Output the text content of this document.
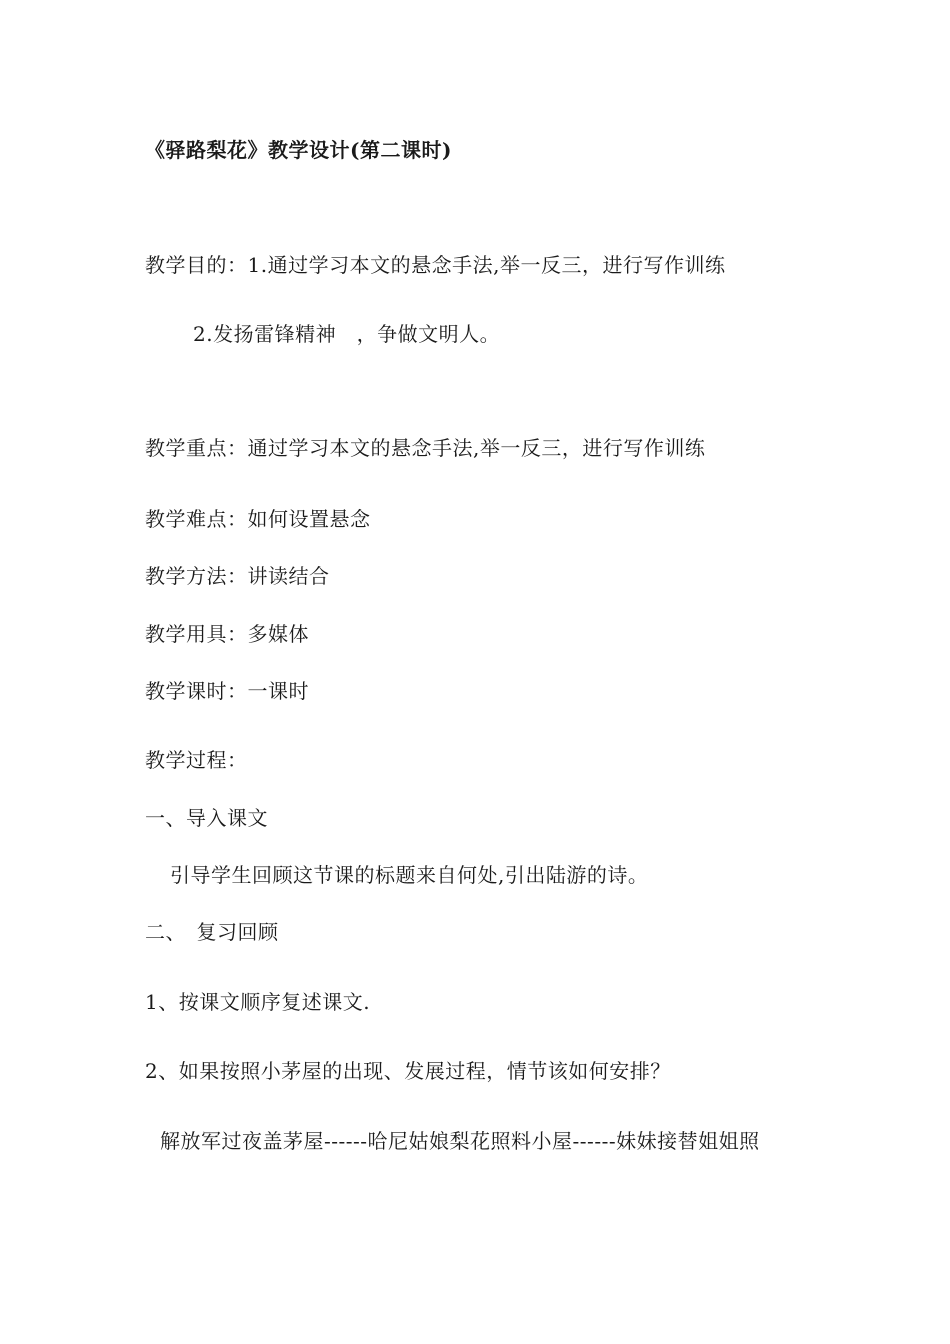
《驿路梨花》教学设计(第二课时)
教学目的：1.通过学习本文的悬念手法,举一反三，进行写作训练
2.发扬雷锋精神　，争做文明人。
教学重点：通过学习本文的悬念手法,举一反三，进行写作训练
教学难点：如何设置悬念
教学方法：讲读结合
教学用具：多媒体
教学课时：一课时
教学过程：
一、导入课文
引导学生回顾这节课的标题来自何处,引出陆游的诗。
二、　复习回顾
1、按课文顺序复述课文.
2、如果按照小茅屋的出现、发展过程，情节该如何安排？
解放军过夜盖茅屋------哈尼姑娘梨花照料小屋------妹妹接替姐姐照
